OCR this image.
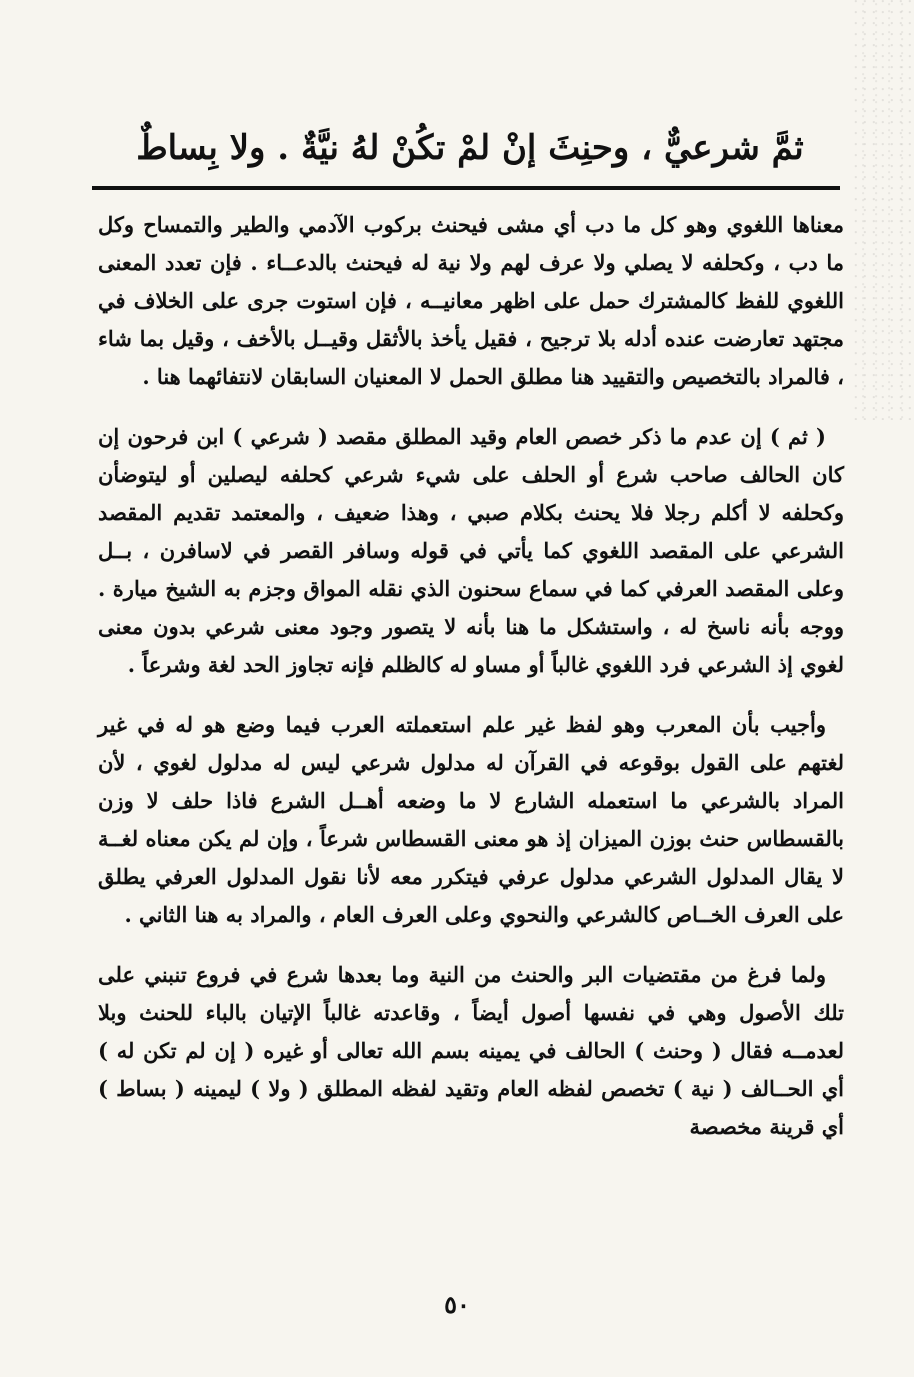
ثمَّ شرعيٌّ ، وحنِثَ إنْ لمْ تكُنْ لهُ نيَّةٌ . ولا بِساطٌ

معناها اللغوي وهو كل ما دب أي مشى فيحنث بركوب الآدمي والطير والتمساح وكل ما دب ، وكحلفه لا يصلي ولا عرف لهم ولا نية له فيحنث بالدعــاء . فإن تعدد المعنى اللغوي للفظ كالمشترك حمل على اظهر معانيــه ، فإن استوت جرى على الخلاف في مجتهد تعارضت عنده أدله بلا ترجيح ، فقيل يأخذ بالأثقل وقيــل بالأخف ، وقيل بما شاء ، فالمراد بالتخصيص والتقييد هنا مطلق الحمل لا المعنيان السابقان لانتفائهما هنا .

( ثم ) إن عدم ما ذكر خصص العام وقيد المطلق مقصد ( شرعي ) ابن فرحون إن كان الحالف صاحب شرع أو الحلف على شيء شرعي كحلفه ليصلين أو ليتوضأن وكحلفه لا أكلم رجلا فلا يحنث بكلام صبي ، وهذا ضعيف ، والمعتمد تقديم المقصد الشرعي على المقصد اللغوي كما يأتي في قوله وسافر القصر في لاسافرن ، بــل وعلى المقصد العرفي كما في سماع سحنون الذي نقله المواق وجزم به الشيخ ميارة . ووجه بأنه ناسخ له ، واستشكل ما هنا بأنه لا يتصور وجود معنى شرعي بدون معنى لغوي إذ الشرعي فرد اللغوي غالباً أو مساو له كالظلم فإنه تجاوز الحد لغة وشرعاً .

وأجيب بأن المعرب وهو لفظ غير علم استعملته العرب فيما وضع هو له في غير لغتهم على القول بوقوعه في القرآن له مدلول شرعي ليس له مدلول لغوي ، لأن المراد بالشرعي ما استعمله الشارع لا ما وضعه أهــل الشرع فاذا حلف لا وزن بالقسطاس حنث بوزن الميزان إذ هو معنى القسطاس شرعاً ، وإن لم يكن معناه لغــة لا يقال المدلول الشرعي مدلول عرفي فيتكرر معه لأنا نقول المدلول العرفي يطلق على العرف الخــاص كالشرعي والنحوي وعلى العرف العام ، والمراد به هنا الثاني .

ولما فرغ من مقتضيات البر والحنث من النية وما بعدها شرع في فروع تنبني على تلك الأصول وهي في نفسها أصول أيضاً ، وقاعدته غالباً الإتيان بالباء للحنث وبلا لعدمــه فقال ( وحنث ) الحالف في يمينه بسم الله تعالى أو غيره ( إن لم تكن له ) أي الحــالف ( نية ) تخصص لفظه العام وتقيد لفظه المطلق ( ولا ) ليمينه ( بساط ) أي قرينة مخصصة

٥٠
